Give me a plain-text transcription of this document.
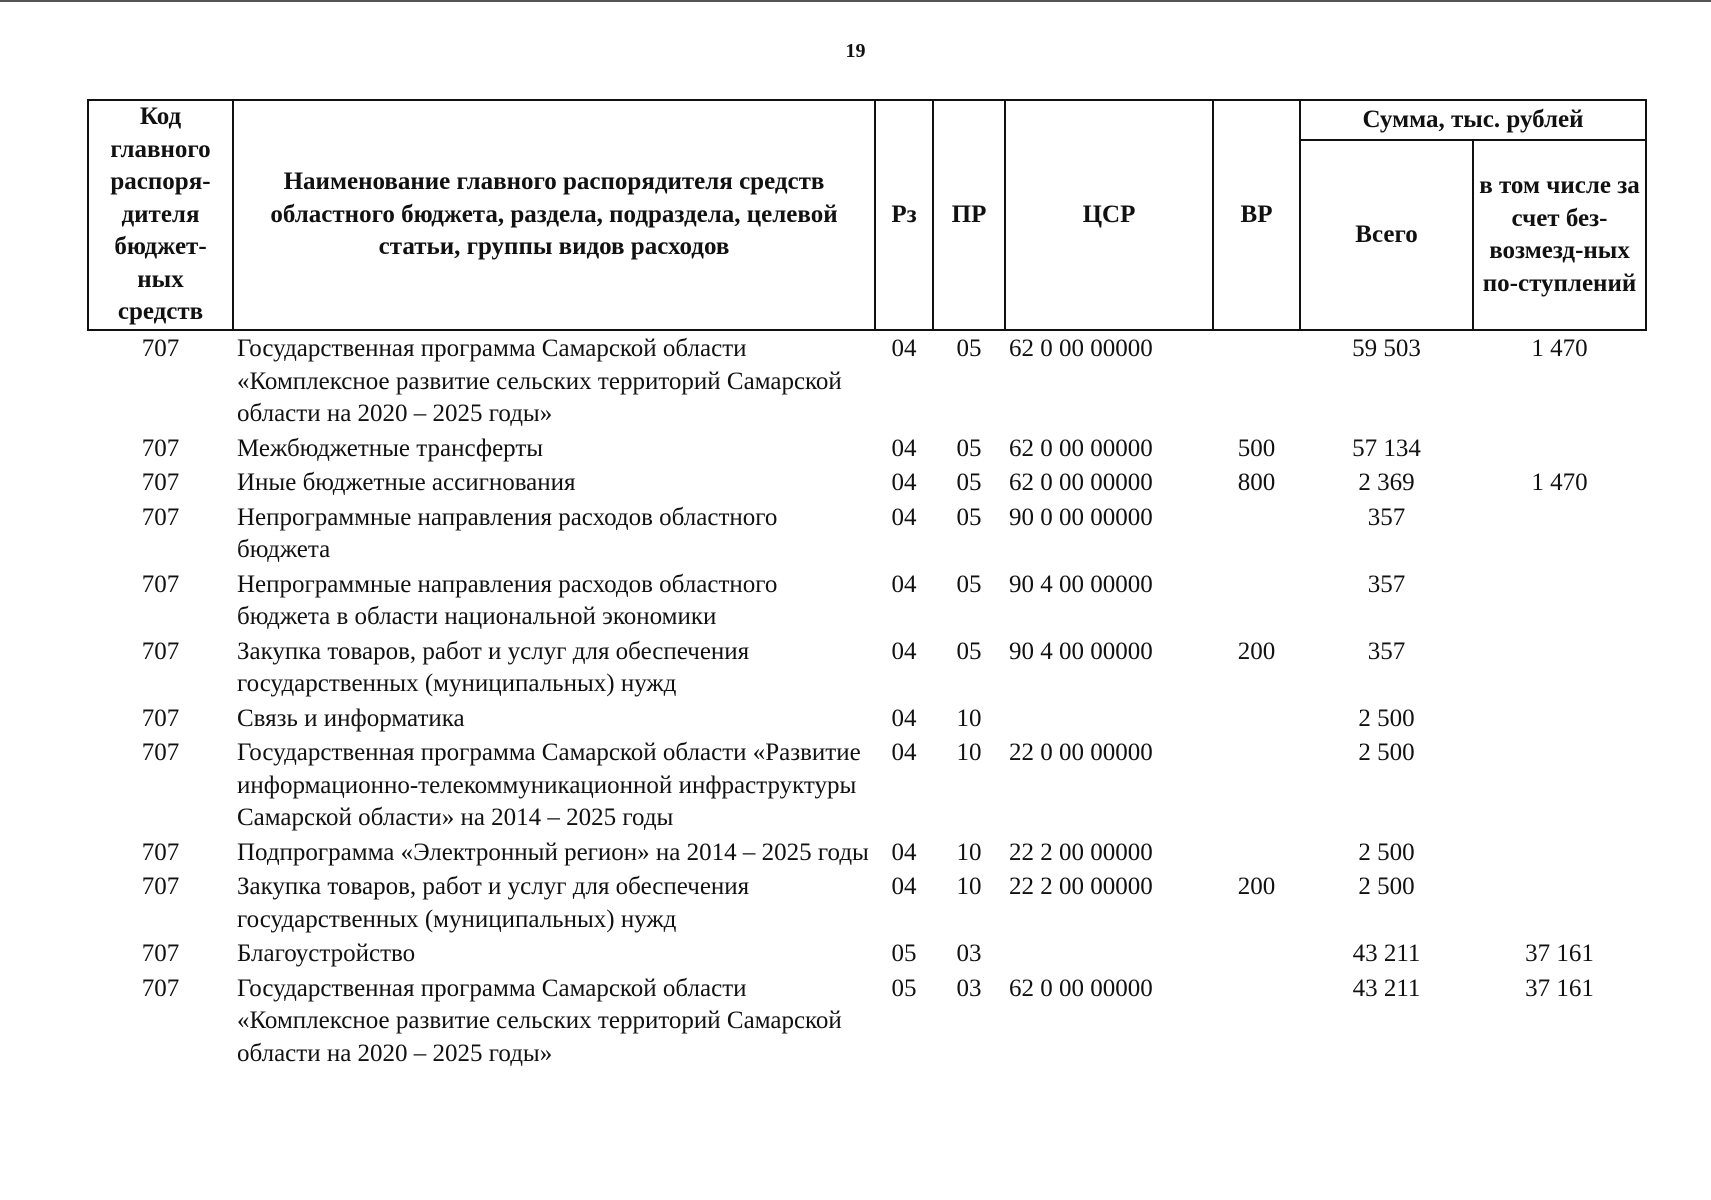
19
Код главного распоря-дителя бюджет-ных средств	Наименование главного распорядителя средств областного бюджета, раздела, подраздела, целевой статьи, группы видов расходов	Рз	ПР	ЦСР	ВР	Сумма, тыс. рублей	
						Всего	в том числе за счет без-возмезд-ных по-ступлений
707	Государственная программа Самарской области «Комплексное развитие сельских территорий Самарской области на 2020 – 2025 годы»	04	05	62 0 00 00000		59 503	1 470
707	Межбюджетные трансферты	04	05	62 0 00 00000	500	57 134	
707	Иные бюджетные ассигнования	04	05	62 0 00 00000	800	2 369	1 470
707	Непрограммные направления расходов областного бюджета	04	05	90 0 00 00000		357	
707	Непрограммные направления расходов областного бюджета в области национальной экономики	04	05	90 4 00 00000		357	
707	Закупка товаров, работ и услуг для обеспечения государственных (муниципальных) нужд	04	05	90 4 00 00000	200	357	
707	Связь и информатика	04	10			2 500	
707	Государственная программа Самарской области «Развитие информационно-телекоммуникационной инфраструктуры Самарской области» на 2014 – 2025 годы	04	10	22 0 00 00000		2 500	
707	Подпрограмма «Электронный регион» на 2014 – 2025 годы	04	10	22 2 00 00000		2 500	
707	Закупка товаров, работ и услуг для обеспечения государственных (муниципальных) нужд	04	10	22 2 00 00000	200	2 500	
707	Благоустройство	05	03			43 211	37 161
707	Государственная программа Самарской области «Комплексное развитие сельских территорий Самарской области на 2020 – 2025 годы»	05	03	62 0 00 00000		43 211	37 161
